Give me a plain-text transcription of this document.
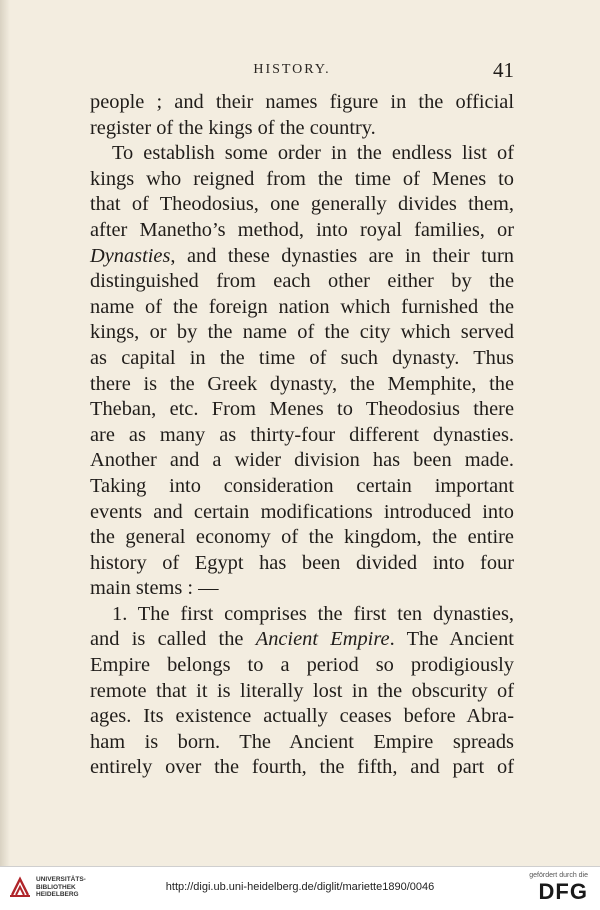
HISTORY.	41
people ; and their names figure in the official
register of the kings of the country.
To establish some order in the endless list of
kings who reigned from the time of Menes to
that of Theodosius, one generally divides them,
after Manetho’s method, into royal families, or
Dynasties, and these dynasties are in their turn
distinguished from each other either by the
name of the foreign nation which furnished the
kings, or by the name of the city which served
as capital in the time of such dynasty. Thus
there is the Greek dynasty, the Memphite, the
Theban, etc. From Menes to Theodosius there
are as many as thirty-four different dynasties.
Another and a wider division has been made.
Taking into consideration certain important
events and certain modifications introduced into
the general economy of the kingdom, the entire
history of Egypt has been divided into four
main stems : —
1. The first comprises the first ten dynasties,
and is called the Ancient Empire. The Ancient
Empire belongs to a period so prodigiously
remote that it is literally lost in the obscurity of
ages. Its existence actually ceases before Abra-
ham is born. The Ancient Empire spreads
entirely over the fourth, the fifth, and part of
UNIVERSITÄTS-
BIBLIOTHEK
HEIDELBERG
http://digi.ub.uni-heidelberg.de/diglit/mariette1890/0046
gefördert durch die
DFG
